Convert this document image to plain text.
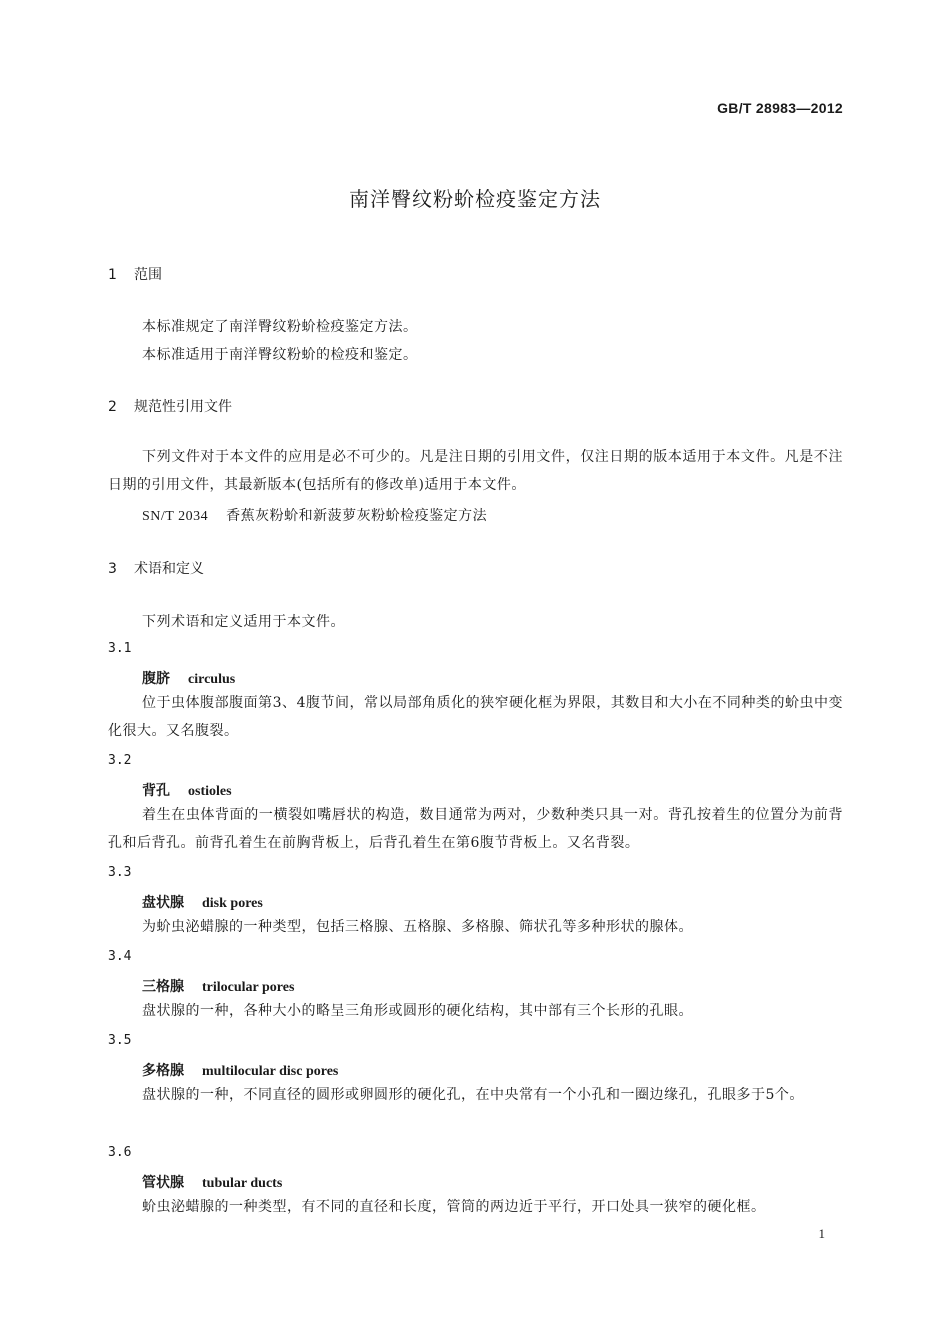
GB/T 28983—2012
南洋臀纹粉蚧检疫鉴定方法
1 范围
本标准规定了南洋臀纹粉蚧检疫鉴定方法。
本标准适用于南洋臀纹粉蚧的检疫和鉴定。
2 规范性引用文件
下列文件对于本文件的应用是必不可少的。凡是注日期的引用文件，仅注日期的版本适用于本文件。凡是不注日期的引用文件，其最新版本(包括所有的修改单)适用于本文件。
SN/T 2034 香蕉灰粉蚧和新菠萝灰粉蚧检疫鉴定方法
3 术语和定义
下列术语和定义适用于本文件。
3.1
腹脐 circulus
位于虫体腹部腹面第3、4腹节间，常以局部角质化的狭窄硬化框为界限，其数目和大小在不同种类的蚧虫中变化很大。又名腹裂。
3.2
背孔 ostioles
着生在虫体背面的一横裂如嘴唇状的构造，数目通常为两对，少数种类只具一对。背孔按着生的位置分为前背孔和后背孔。前背孔着生在前胸背板上，后背孔着生在第6腹节背板上。又名背裂。
3.3
盘状腺 disk pores
为蚧虫泌蜡腺的一种类型，包括三格腺、五格腺、多格腺、筛状孔等多种形状的腺体。
3.4
三格腺 trilocular pores
盘状腺的一种，各种大小的略呈三角形或圆形的硬化结构，其中部有三个长形的孔眼。
3.5
多格腺 multilocular disc pores
盘状腺的一种，不同直径的圆形或卵圆形的硬化孔，在中央常有一个小孔和一圈边缘孔，孔眼多于5个。
3.6
管状腺 tubular ducts
蚧虫泌蜡腺的一种类型，有不同的直径和长度，管筒的两边近于平行，开口处具一狭窄的硬化框。
1
